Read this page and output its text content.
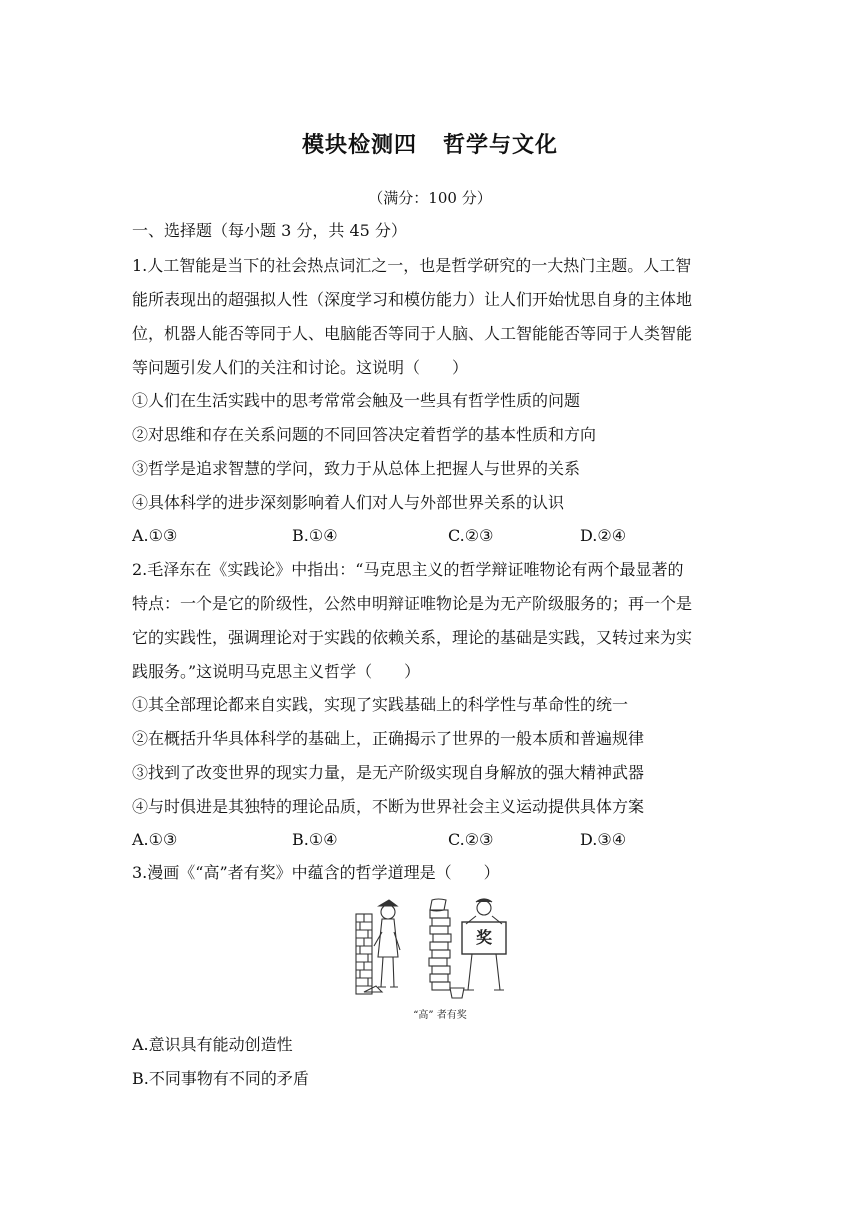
模块检测四 哲学与文化
（满分：100 分）
一、选择题（每小题 3 分，共 45 分）
1.人工智能是当下的社会热点词汇之一，也是哲学研究的一大热门主题。人工智
能所表现出的超强拟人性（深度学习和模仿能力）让人们开始忧思自身的主体地
位，机器人能否等同于人、电脑能否等同于人脑、人工智能能否等同于人类智能
等问题引发人们的关注和讨论。这说明（　　）
①人们在生活实践中的思考常常会触及一些具有哲学性质的问题
②对思维和存在关系问题的不同回答决定着哲学的基本性质和方向
③哲学是追求智慧的学问，致力于从总体上把握人与世界的关系
④具体科学的进步深刻影响着人们对人与外部世界关系的认识
A.①③	B.①④	C.②③	D.②④
2.毛泽东在《实践论》中指出：“马克思主义的哲学辩证唯物论有两个最显著的
特点：一个是它的阶级性，公然申明辩证唯物论是为无产阶级服务的；再一个是
它的实践性，强调理论对于实践的依赖关系，理论的基础是实践，又转过来为实
践服务。”这说明马克思主义哲学（　　）
①其全部理论都来自实践，实现了实践基础上的科学性与革命性的统一
②在概括升华具体科学的基础上，正确揭示了世界的一般本质和普遍规律
③找到了改变世界的现实力量，是无产阶级实现自身解放的强大精神武器
④与时俱进是其独特的理论品质，不断为世界社会主义运动提供具体方案
A.①③	B.①④	C.②③	D.③④
3.漫画《“高”者有奖》中蕴含的哲学道理是（　　）
奖
“高” 者有奖
A.意识具有能动创造性
B.不同事物有不同的矛盾
